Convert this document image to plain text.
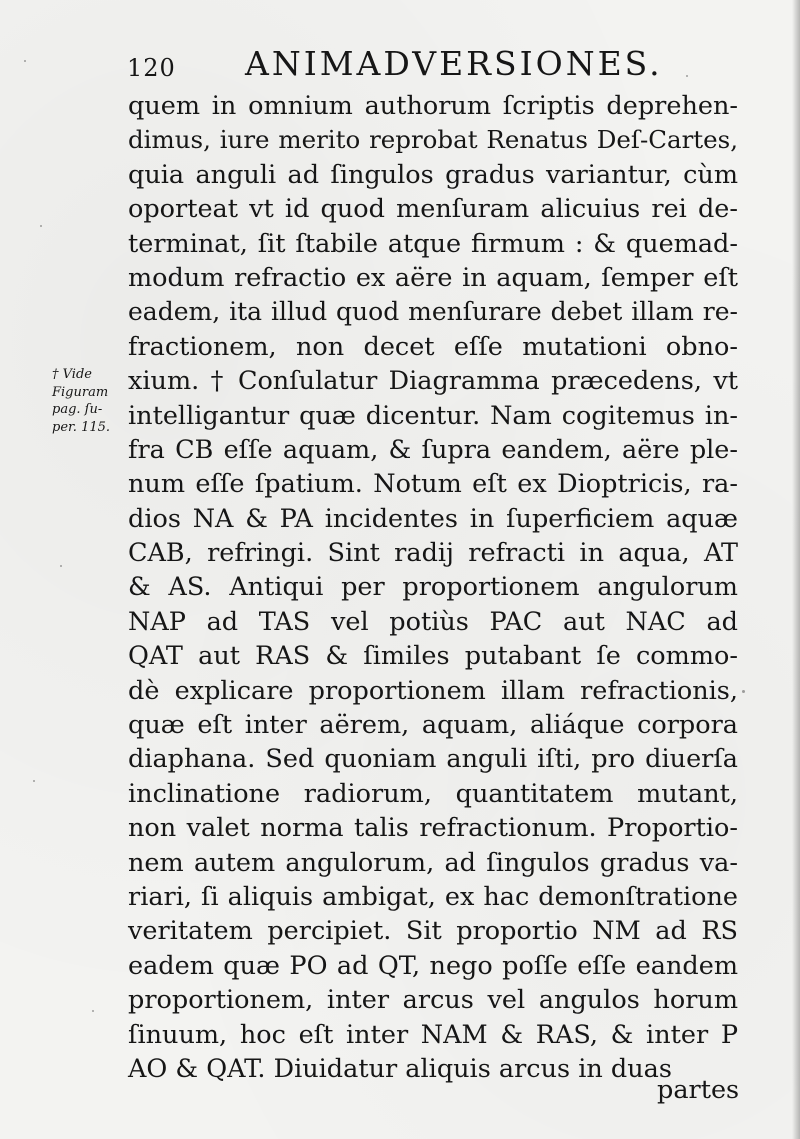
120 ANIMADVERSIONES.
† Vide
Figuram
pag. ſu-
per. 115.
quem in omnium authorum ſcriptis deprehen-
dimus, iure merito reprobat Renatus Deſ-Cartes,
quia anguli ad ſingulos gradus variantur, cùm
oporteat vt id quod menſuram alicuius rei de-
terminat, ſit ſtabile atque firmum : & quemad-
modum refractio ex aëre in aquam, ſemper eſt
eadem, ita illud quod menſurare debet illam re-
fractionem, non decet eſſe mutationi obno-
xium. † Conſulatur Diagramma præcedens, vt
intelligantur quæ dicentur. Nam cogitemus in-
fra CB eſſe aquam, & ſupra eandem, aëre ple-
num eſſe ſpatium. Notum eſt ex Dioptricis, ra-
dios NA & PA incidentes in ſuperficiem aquæ
CAB, refringi. Sint radij refracti in aqua, AT
& AS. Antiqui per proportionem angulorum
NAP ad TAS vel potiùs PAC aut NAC ad
QAT aut RAS & ſimiles putabant ſe commo-
dè explicare proportionem illam refractionis,
quæ eſt inter aërem, aquam, aliáque corpora
diaphana. Sed quoniam anguli iſti, pro diuerſa
inclinatione radiorum, quantitatem mutant,
non valet norma talis refractionum. Proportio-
nem autem angulorum, ad ſingulos gradus va-
riari, ſi aliquis ambigat, ex hac demonſtratione
veritatem percipiet. Sit proportio NM ad RS
eadem quæ PO ad QT, nego poſſe eſſe eandem
proportionem, inter arcus vel angulos horum
ſinuum, hoc eſt inter NAM & RAS, & inter P
AO & QAT. Diuidatur aliquis arcus in duas
partes
